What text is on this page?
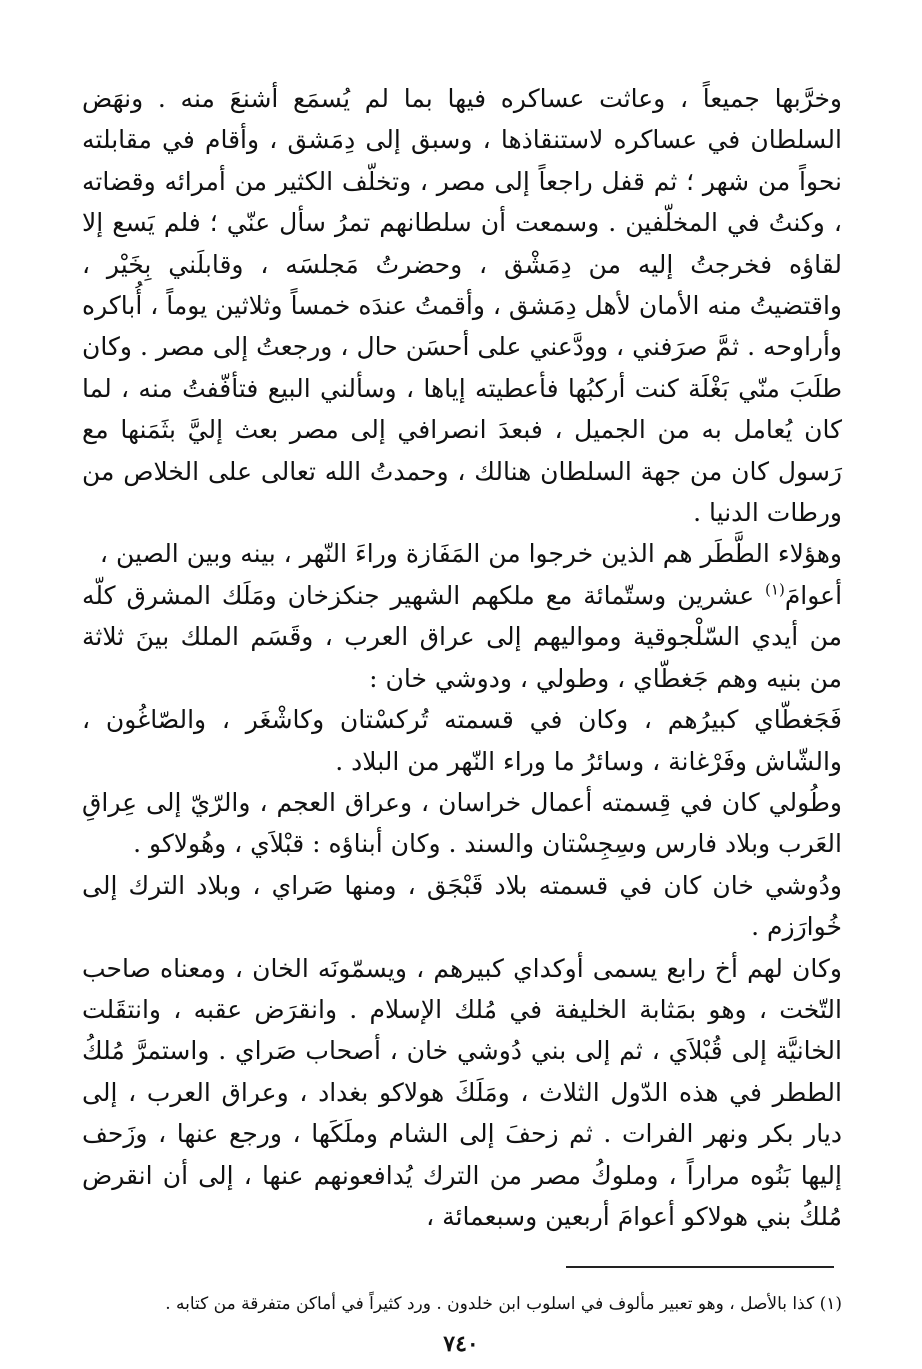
وخرَّبها جميعاً ، وعاثت عساكره فيها بما لم يُسمَع أشنعَ منه . ونهَض السلطان في عساكره لاستنقاذها ، وسبق إلى دِمَشق ، وأقام في مقابلته نحواً من شهر ؛ ثم قفل راجعاً إلى مصر ، وتخلّف الكثير من أمرائه وقضاته ، وكنتُ في المخلّفين . وسمعت أن سلطانهم تمرُ سأل عنّي ؛ فلم يَسع إلا لقاؤه فخرجتُ إليه من دِمَشْق ، وحضرتُ مَجلسَه ، وقابلَني بِخَيْر ، واقتضيتُ منه الأمان لأهل دِمَشق ، وأقمتُ عندَه خمساً وثلاثين يوماً ، أُباكره وأراوحه . ثمَّ صرَفني ، وودَّعني على أحسَن حال ، ورجعتُ إلى مصر . وكان طلَبَ منّي بَغْلَة كنت أركبُها فأعطيته إياها ، وسألني البيع فتأفّفتُ منه ، لما كان يُعامل به من الجميل ، فبعدَ انصرافي إلى مصر بعث إليَّ بثَمَنها مع رَسول كان من جهة السلطان هنالك ، وحمدتُ الله تعالى على الخلاص من ورطات الدنيا .

وهؤلاء الطَّطَر هم الذين خرجوا من المَفَازة وراءَ النّهر ، بينه وبين الصين ،

أعوامَ$^{(١)}$ عشرين وستّمائة مع ملكهم الشهير جنكزخان ومَلَك المشرق كلّه من أيدي السّلْجوقية ومواليهم إلى عراق العرب ، وقَسَم الملك بينَ ثلاثة من بنيه وهم جَغطّاي ، وطولي ، ودوشي خان :

فَجَغطّاي كبيرُهم ، وكان في قسمته تُركسْتان وكاشْغَر ، والصّاغُون ، والشّاش وفَرْغانة ، وسائرُ ما وراء النّهر من البلاد .

وطُولي كان في قِسمته أعمال خراسان ، وعراق العجم ، والرّيّ إلى عِراقِ العَرب وبلاد فارس وسِجِسْتان والسند . وكان أبناؤه : قبْلاَي ، وهُولاكو .

ودُوشي خان كان في قسمته بلاد قَبْجَق ، ومنها صَراي ، وبلاد الترك إلى خُوارَزم .

وكان لهم أخ رابع يسمى أوكداي كبيرهم ، ويسمّونَه الخان ، ومعناه صاحب التّخت ، وهو بمَثابة الخليفة في مُلك الإسلام . وانقرَض عقبه ، وانتقَلت الخانيَّة إلى قُبْلاَي ، ثم إلى بني دُوشي خان ، أصحاب صَراي . واستمرَّ مُلكُ الططر في هذه الدّول الثلاث ، ومَلَكَ هولاكو بغداد ، وعراق العرب ، إلى ديار بكر ونهر الفرات . ثم زحفَ إلى الشام وملَكَها ، ورجع عنها ، وزَحف إليها بَنُوه مراراً ، وملوكُ مصر من الترك يُدافعونهم عنها ، إلى أن انقرض مُلكُ بني هولاكو أعوامَ أربعين وسبعمائة ،

(١) كذا بالأصل ، وهو تعبير مألوف في اسلوب ابن خلدون . ورد كثيراً في أماكن متفرقة من كتابه .

٧٤٠
